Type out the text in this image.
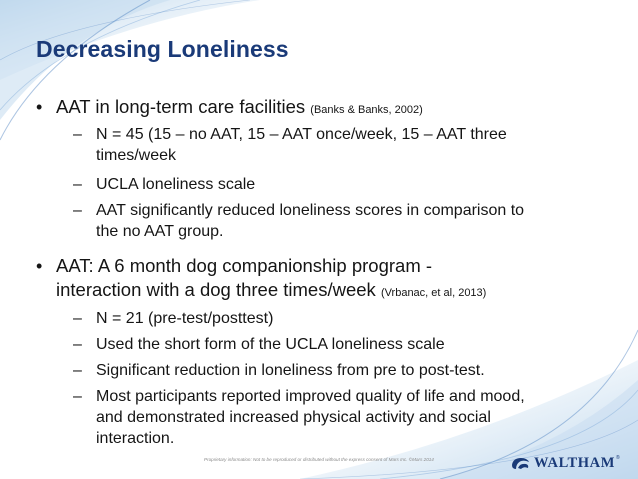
Decreasing Loneliness
• AAT in long-term care facilities (Banks & Banks, 2002)
– N = 45 (15 – no AAT, 15 – AAT once/week, 15 – AAT three
times/week
– UCLA loneliness scale
– AAT significantly reduced loneliness scores in comparison to
the no AAT group.
• AAT: A 6 month dog companionship program -
interaction with a dog three times/week (Vrbanac, et al, 2013)
– N = 21 (pre-test/posttest)
– Used the short form of the UCLA loneliness scale
– Significant reduction in loneliness from pre to post-test.
– Most participants reported improved quality of life and mood,
and demonstrated increased physical activity and social
interaction.
Proprietary information: Not to be reproduced or distributed without the express consent of Mars Inc. ©Mars 2014	WALTHAM ®
